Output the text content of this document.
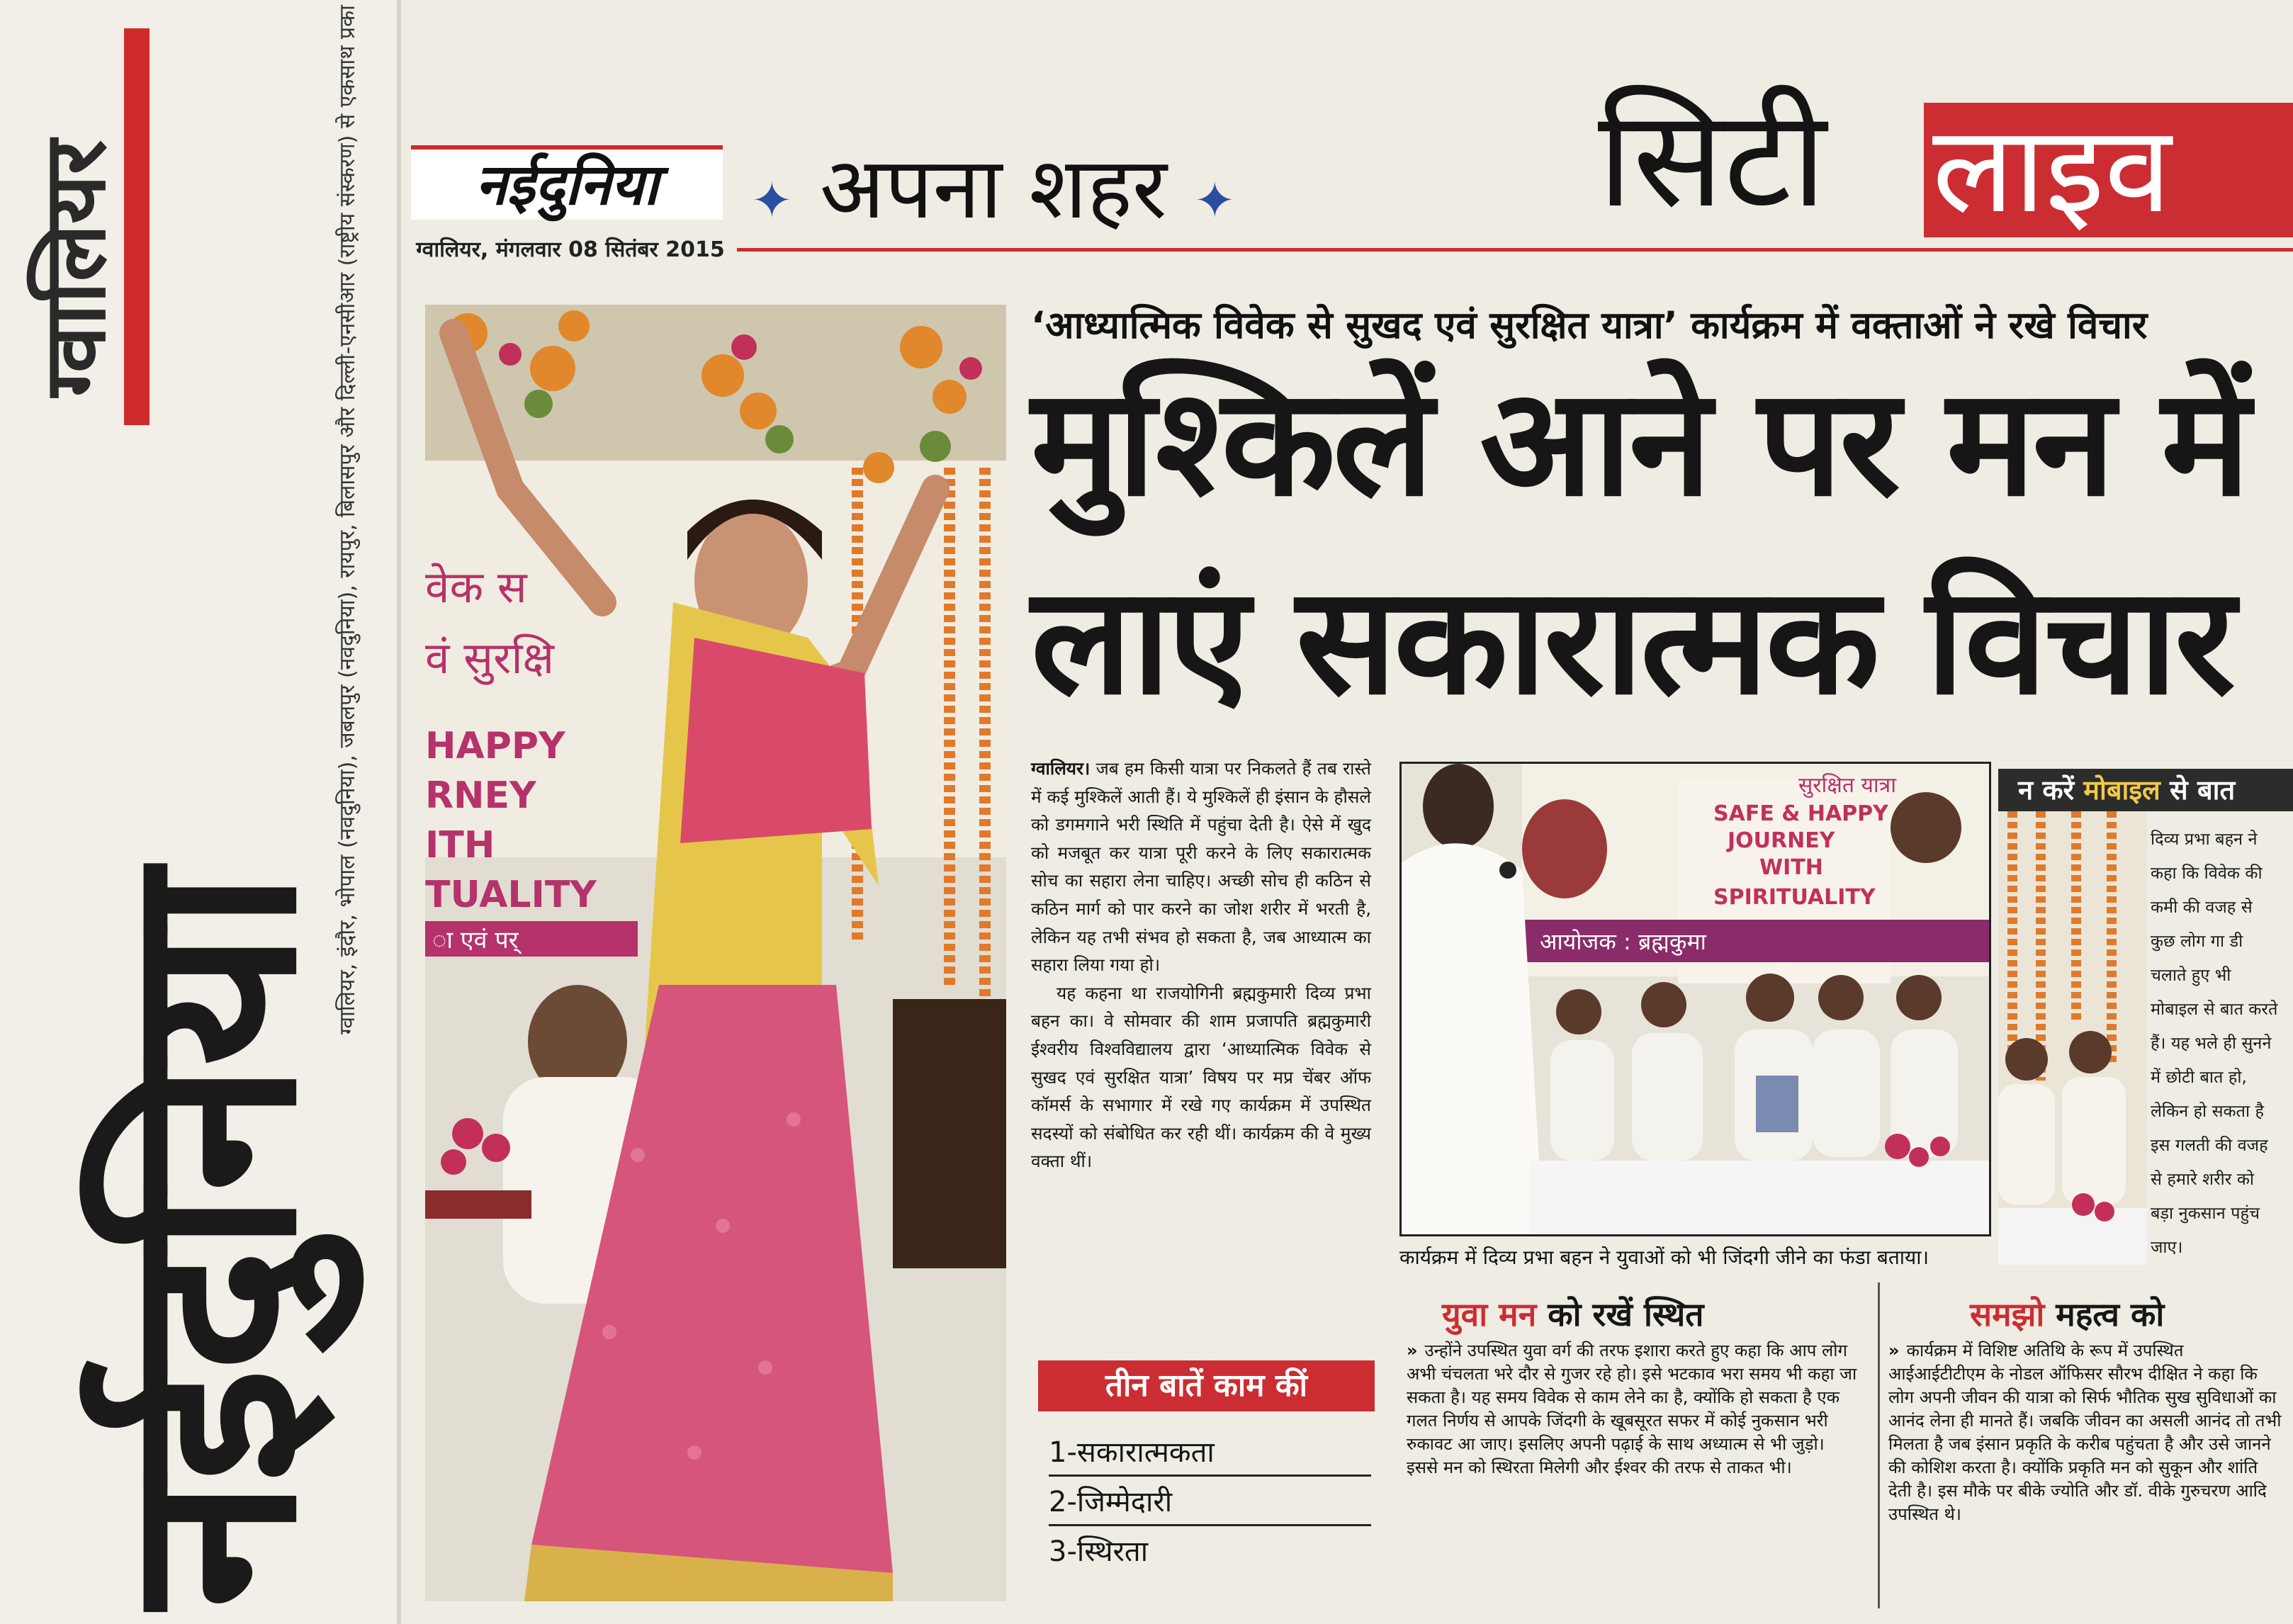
ग्वालियर
नईदुनिया
ग्वालियर, इंदौर, भोपाल (नवदुनिया), जबलपुर (नवदुनिया), रायपुर, बिलासपुर और दिल्ली-एनसीआर (राष्ट्रीय संस्करण) से एकसाथ प्रका	नईदुनिया
ग्वालियर, मंगलवार 08 सितंबर 2015
✦ अपना शहर ✦	सिटी लाइव
वेक स
वं सुरक्षि
HAPPY
RNEY
ITH
TUALITY
ा एवं पर्
‘आध्यात्मिक विवेक से सुखद एवं सुरक्षित यात्रा’ कार्यक्रम में वक्ताओं ने रखे विचार
मुश्किलें आने पर मन में
लाएं सकारात्मक विचार

ग्वालियर। जब हम किसी यात्रा पर निकलते हैं तब रास्ते में कई मुश्किलें आती हैं। ये मुश्किलें ही इंसान के हौसले को डगमगाने भरी स्थिति में पहुंचा देती है। ऐसे में खुद को मजबूत कर यात्रा पूरी करने के लिए सकारात्मक सोच का सहारा लेना चाहिए। अच्छी सोच ही कठिन से कठिन मार्ग को पार करने का जोश शरीर में भरती है, लेकिन यह तभी संभव हो सकता है, जब आध्यात्म का सहारा लिया गया हो।

यह कहना था राजयोगिनी ब्रह्मकुमारी दिव्य प्रभा बहन का। वे सोमवार की शाम प्रजापति ब्रह्मकुमारी ईश्वरीय विश्वविद्यालय द्वारा ‘आध्यात्मिक विवेक से सुखद एवं सुरक्षित यात्रा’ विषय पर मप्र चेंबर ऑफ कॉमर्स के सभागार में रखे गए कार्यक्रम में उपस्थित सदस्यों को संबोधित कर रही थीं। कार्यक्रम की वे मुख्य वक्ता थीं।

तीन बातें काम कीं
1-सकारात्मकता
2-जिम्मेदारी
3-स्थिरता
सुरक्षित यात्रा
SAFE & HAPPY
JOURNEY
WITH
SPIRITUALITY
आयोजक : ब्रह्मकुमा
कार्यक्रम में दिव्य प्रभा बहन ने युवाओं को भी जिंदगी जीने का फंडा बताया।
न करें मोबाइल से बात
दिव्य प्रभा बहन ने कहा कि विवेक की कमी की वजह से कुछ लोग गा डी चलाते हुए भी मोबाइल से बात करते हैं। यह भले ही सुनने में छोटी बात हो, लेकिन हो सकता है इस गलती की वजह से हमारे शरीर को बड़ा नुकसान पहुंच जाए।
युवा मन को रखें स्थित
» उन्होंने उपस्थित युवा वर्ग की तरफ इशारा करते हुए कहा कि आप लोग अभी चंचलता भरे दौर से गुजर रहे हो। इसे भटकाव भरा समय भी कहा जा सकता है। यह समय विवेक से काम लेने का है, क्योंकि हो सकता है एक गलत निर्णय से आपके जिंदगी के खूबसूरत सफर में कोई नुकसान भरी रुकावट आ जाए। इसलिए अपनी पढ़ाई के साथ अध्यात्म से भी जुड़ो। इससे मन को स्थिरता मिलेगी और ईश्वर की तरफ से ताकत भी।
समझो महत्व को
» कार्यक्रम में विशिष्ट अतिथि के रूप में उपस्थित आईआईटीटीएम के नोडल ऑफिसर सौरभ दीक्षित ने कहा कि लोग अपनी जीवन की यात्रा को सिर्फ भौतिक सुख सुविधाओं का आनंद लेना ही मानते हैं। जबकि जीवन का असली आनंद तो तभी मिलता है जब इंसान प्रकृति के करीब पहुंचता है और उसे जानने की कोशिश करता है। क्योंकि प्रकृति मन को सुकून और शांति देती है। इस मौके पर बीके ज्योति और डॉ. वीके गुरुचरण आदि उपस्थित थे।
